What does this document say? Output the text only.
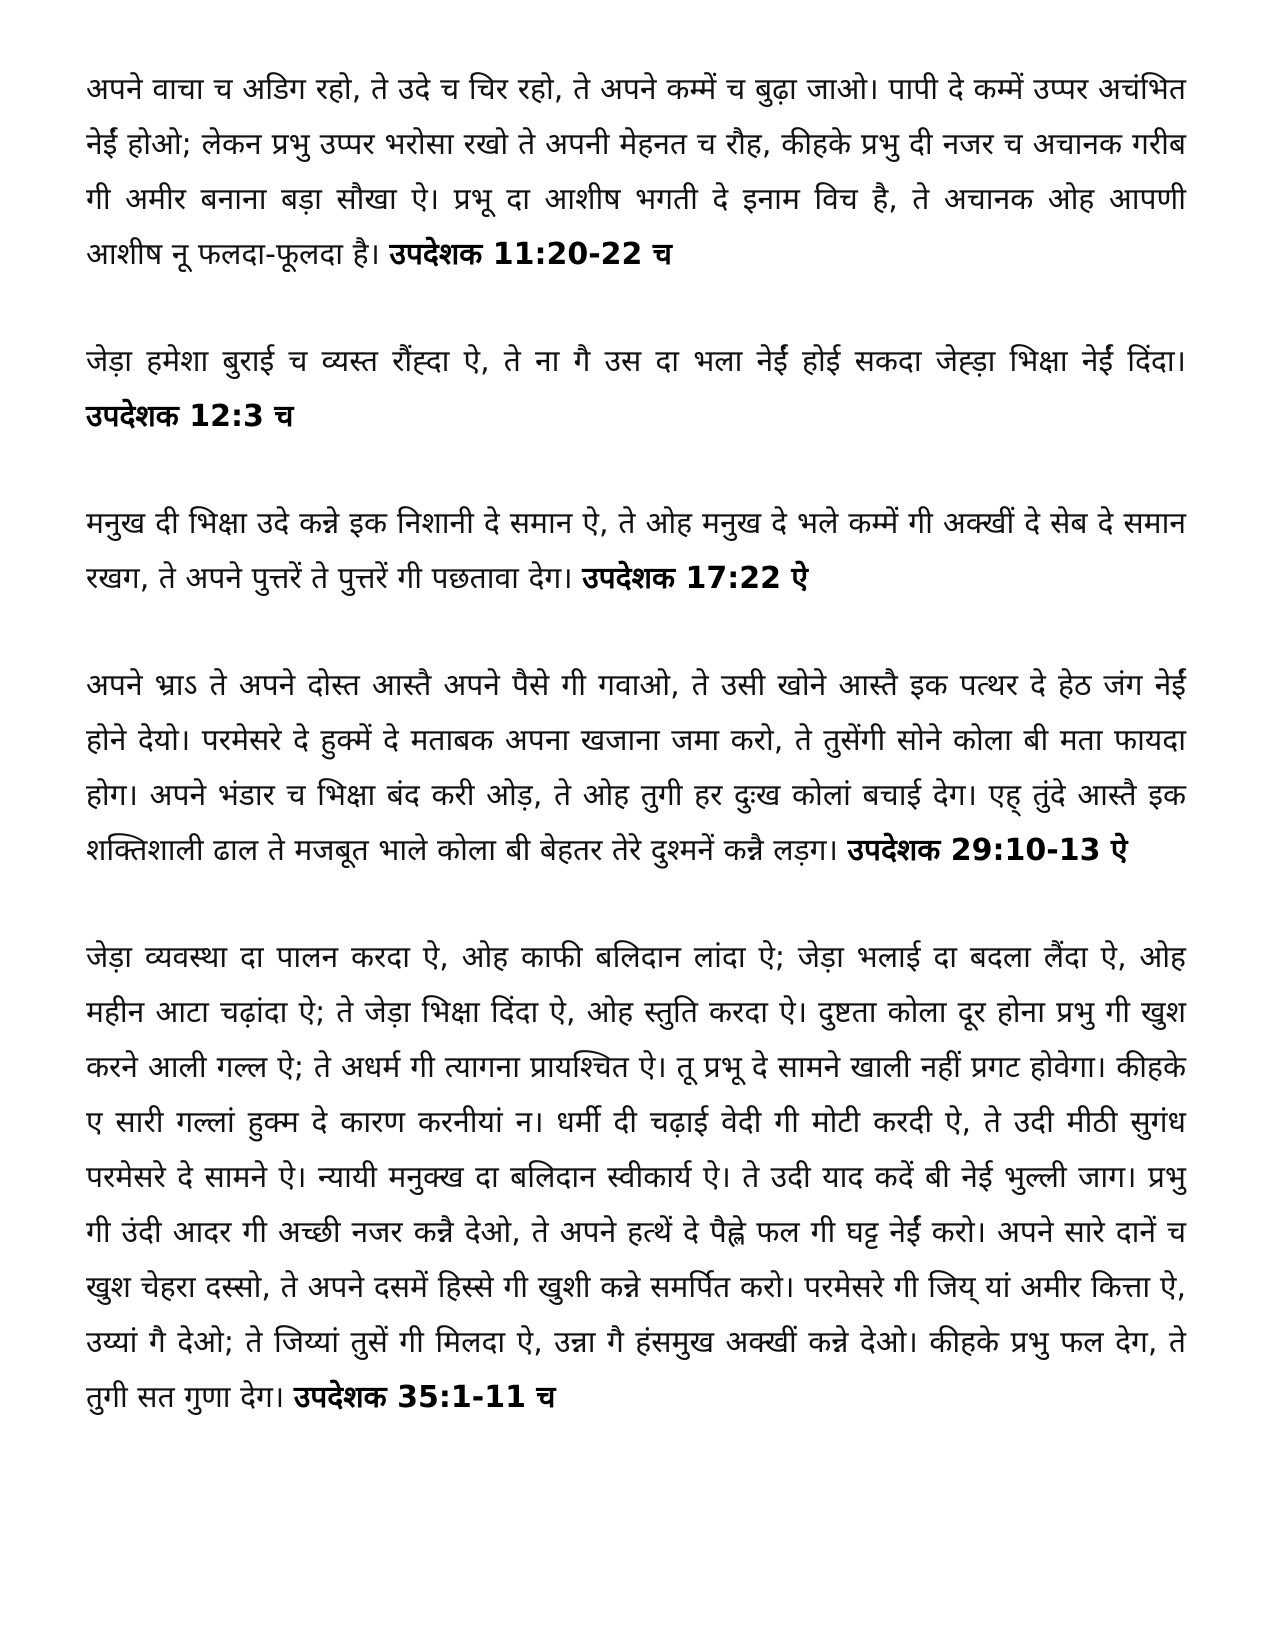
अपने वाचा च अडिग रहो, ते उदे च चिर रहो, ते अपने कम्में च बुढ़ा जाओ। पापी दे कम्में उप्पर अचंभित नेईं होओ; लेकन प्रभु उप्पर भरोसा रखो ते अपनी मेहनत च रौह, कीहके प्रभु दी नजर च अचानक गरीब गी अमीर बनाना बड़ा सौखा ऐ। प्रभू दा आशीष भगती दे इनाम विच है, ते अचानक ओह आपणी आशीष नू फलदा-फूलदा है। उपदेशक 11:20-22 च

जेड़ा हमेशा बुराई च व्यस्त रौंह्दा ऐ, ते ना गै उस दा भला नेईं होई सकदा जेह्ड़ा भिक्षा नेईं दिंदा। उपदेशक 12:3 च

मनुख दी भिक्षा उदे कन्ने इक निशानी दे समान ऐ, ते ओह मनुख दे भले कम्में गी अक्खीं दे सेब दे समान रखग, ते अपने पुत्तरें ते पुत्तरें गी पछतावा देग। उपदेशक 17:22 ऐ

अपने भ्राऽ ते अपने दोस्त आस्तै अपने पैसे गी गवाओ, ते उसी खोने आस्तै इक पत्थर दे हेठ जंग नेईं होने देयो। परमेसरे दे हुक्में दे मताबक अपना खजाना जमा करो, ते तुसेंगी सोने कोला बी मता फायदा होग। अपने भंडार च भिक्षा बंद करी ओड़, ते ओह तुगी हर दुःख कोलां बचाई देग। एह् तुंदे आस्तै इक शक्तिशाली ढाल ते मजबूत भाले कोला बी बेहतर तेरे दुश्मनें कन्नै लड़ग। उपदेशक 29:10-13 ऐ

जेड़ा व्यवस्था दा पालन करदा ऐ, ओह काफी बलिदान लांदा ऐ; जेड़ा भलाई दा बदला लैंदा ऐ, ओह महीन आटा चढ़ांदा ऐ; ते जेड़ा भिक्षा दिंदा ऐ, ओह स्तुति करदा ऐ। दुष्टता कोला दूर होना प्रभु गी खुश करने आली गल्ल ऐ; ते अधर्म गी त्यागना प्रायश्चित ऐ। तू प्रभू दे सामने खाली नहीं प्रगट होवेगा। कीहके ए सारी गल्लां हुक्म दे कारण करनीयां न। धर्मी दी चढ़ाई वेदी गी मोटी करदी ऐ, ते उदी मीठी सुगंध परमेसरे दे सामने ऐ। न्यायी मनुक्ख दा बलिदान स्वीकार्य ऐ। ते उदी याद कदें बी नेई भुल्ली जाग। प्रभु गी उंदी आदर गी अच्छी नजर कन्नै देओ, ते अपने हत्थें दे पैह्ले फल गी घट्ट नेईं करो। अपने सारे दानें च खुश चेहरा दस्सो, ते अपने दसमें हिस्से गी खुशी कन्ने समर्पित करो। परमेसरे गी जिय् यां अमीर कित्ता ऐ, उय्यां गै देओ; ते जिय्यां तुसें गी मिलदा ऐ, उन्ना गै हंसमुख अक्खीं कन्ने देओ। कीहके प्रभु फल देग, ते तुगी सत गुणा देग। उपदेशक 35:1-11 च
